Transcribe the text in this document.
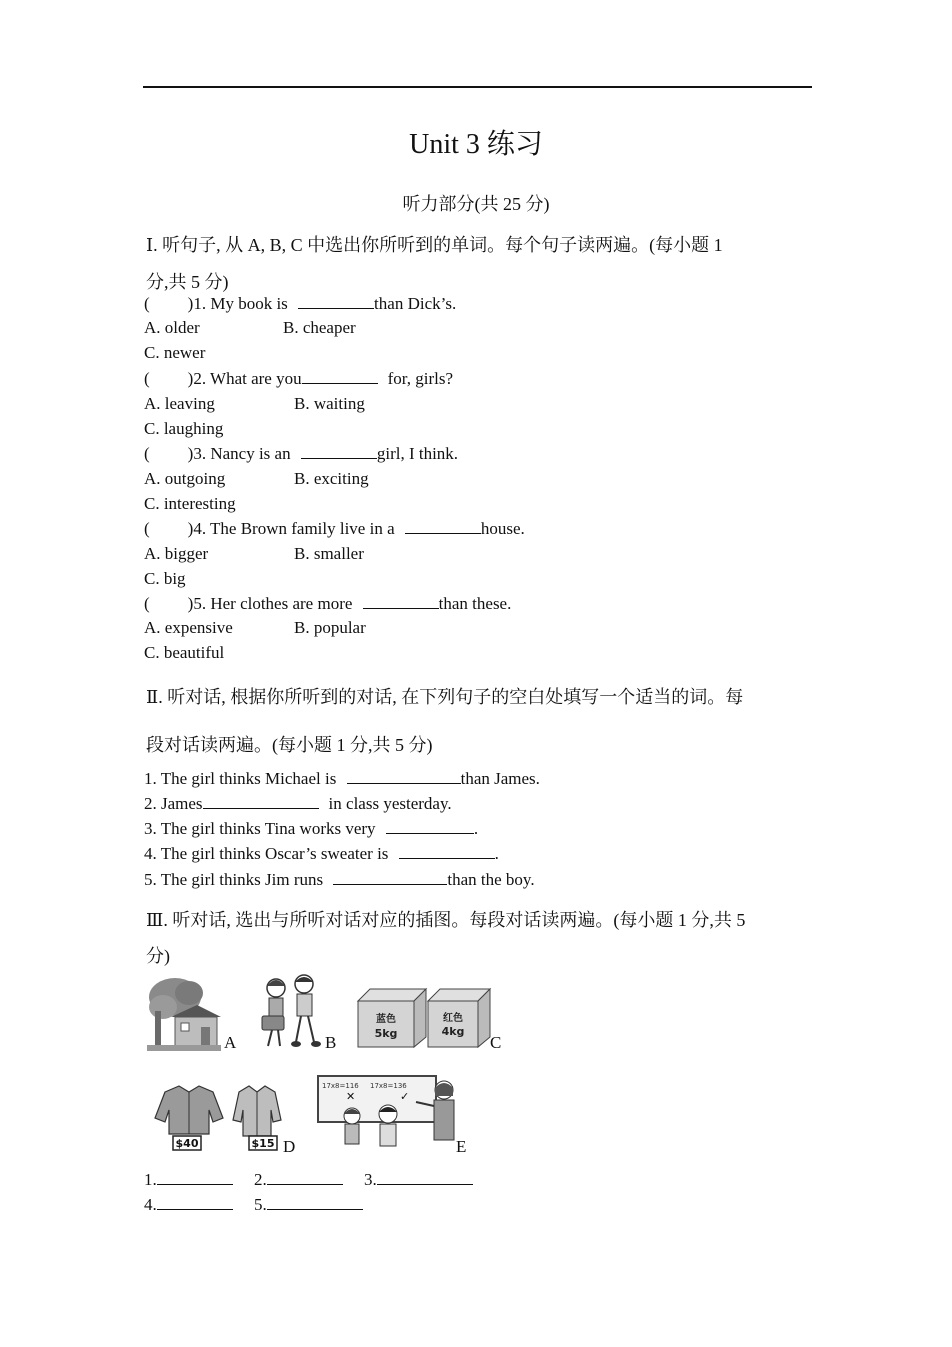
Unit 3 练习
听力部分(共 25 分)
Ⅰ. 听句子, 从 A, B, C 中选出你所听到的单词。每个句子读两遍。(每小题 1
分,共 5 分)
( )1. My book is	than Dick’s.
A. older	B. cheaper
C. newer
( )2. What are you	for, girls?
A. leaving	B. waiting
C. laughing
( )3. Nancy is an	girl, I think.
A. outgoing	B. exciting
C. interesting
( )4. The Brown family live in a	house.
A. bigger	B. smaller
C. big
( )5. Her clothes are more	than these.
A. expensive	B. popular
C. beautiful
Ⅱ. 听对话, 根据你所听到的对话, 在下列句子的空白处填写一个适当的词。每
段对话读两遍。(每小题 1 分,共 5 分)
1. The girl thinks Michael is	than James.
2. James	in class yesterday.
3. The girl thinks Tina works very	.
4. The girl thinks Oscar’s sweater is	.
5. The girl thinks Jim runs	than the boy.
Ⅲ. 听对话, 选出与所听对话对应的插图。每段对话读两遍。(每小题 1 分,共 5
分)
A	B
蓝色
5kg
红色
4kg
C
$40	$15 D
17x8=116 17x8=136
✕	✓
E
1.	2.	3.
4.	5.
